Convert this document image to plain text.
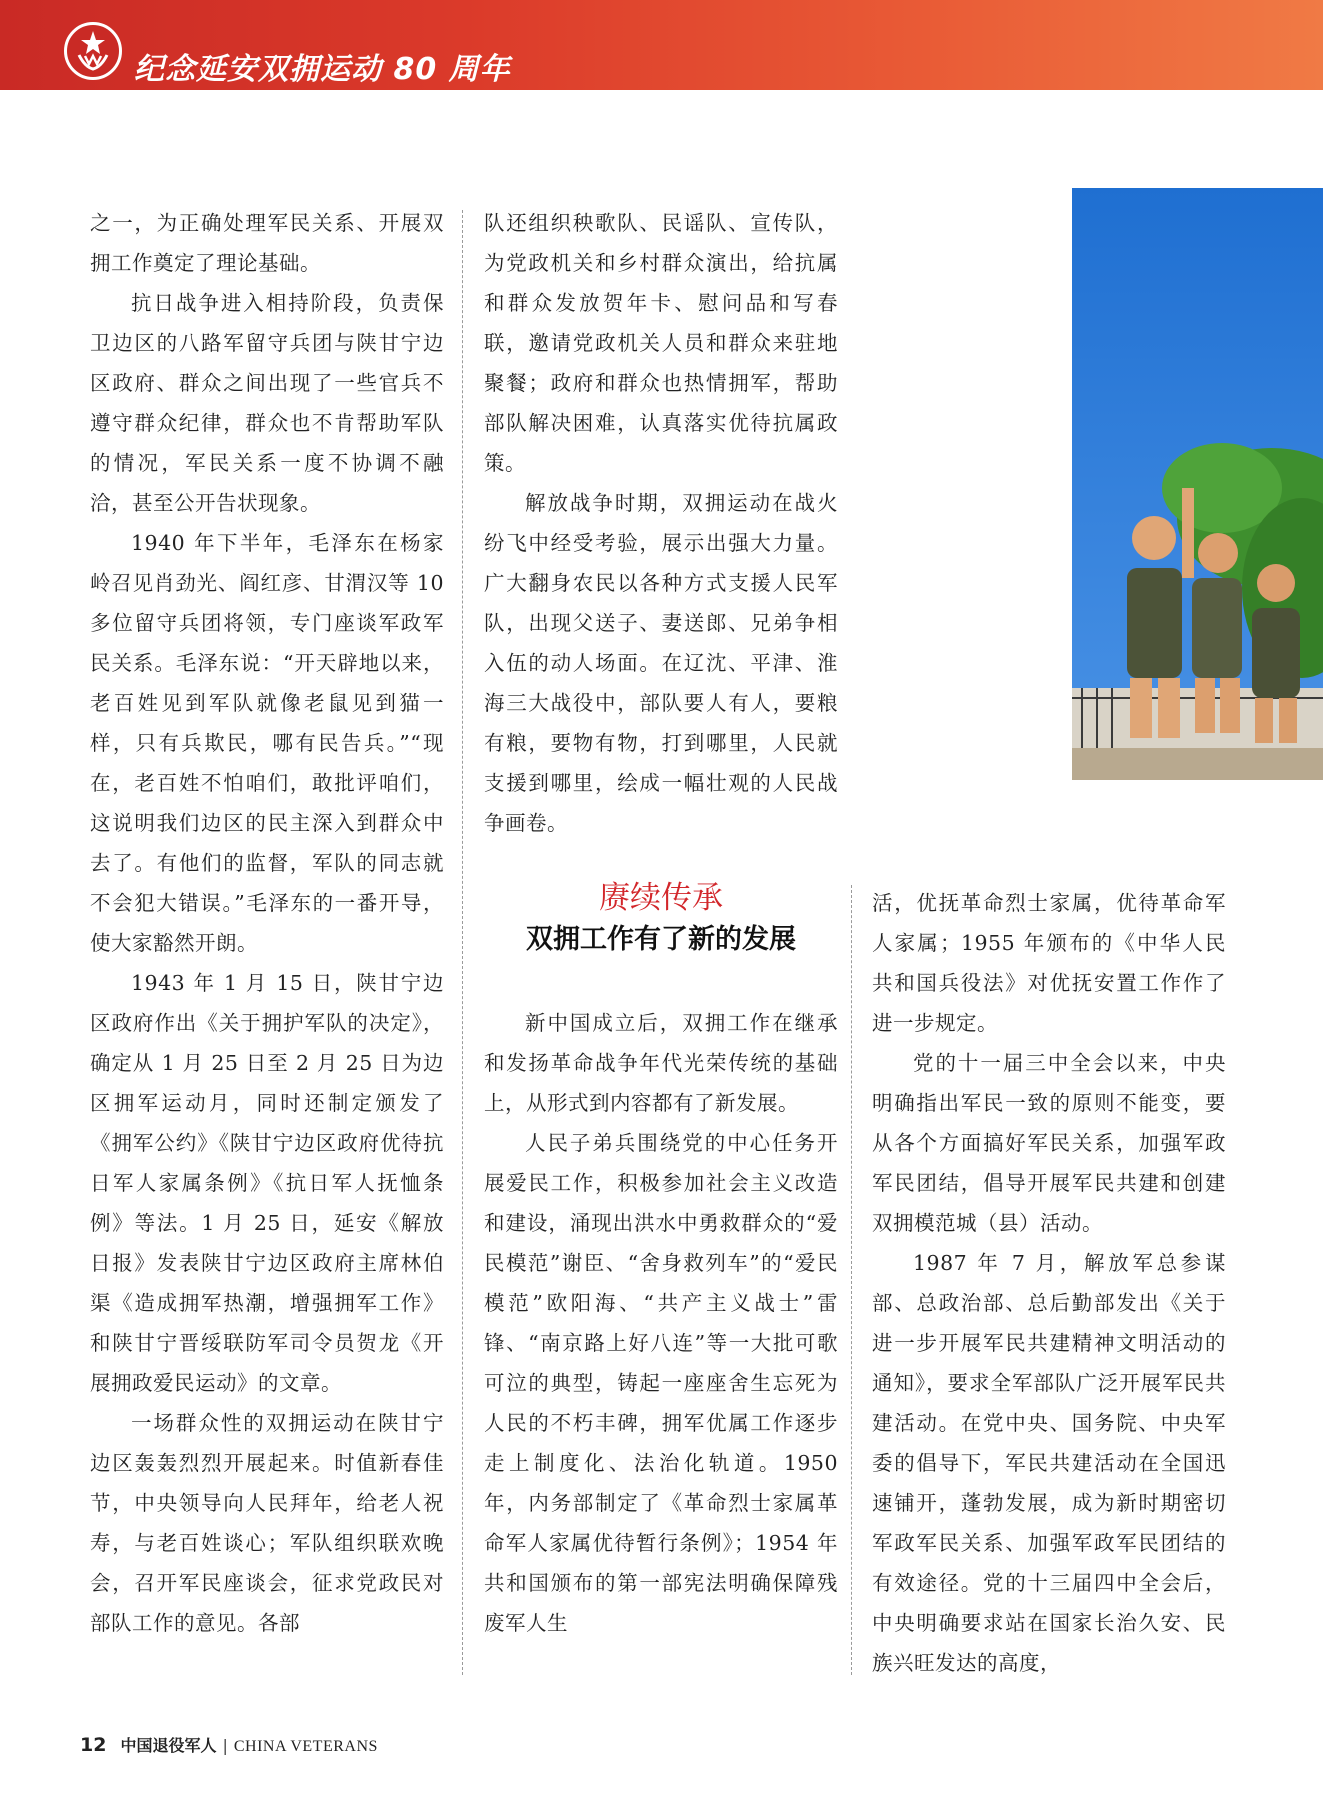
纪念延安双拥运动 80 周年

之一，为正确处理军民关系、开展双拥工作奠定了理论基础。

抗日战争进入相持阶段，负责保卫边区的八路军留守兵团与陕甘宁边区政府、群众之间出现了一些官兵不遵守群众纪律，群众也不肯帮助军队的情况，军民关系一度不协调不融洽，甚至公开告状现象。

1940 年下半年，毛泽东在杨家岭召见肖劲光、阎红彦、甘渭汉等 10 多位留守兵团将领，专门座谈军政军民关系。毛泽东说：“开天辟地以来，老百姓见到军队就像老鼠见到猫一样，只有兵欺民，哪有民告兵。”“现在，老百姓不怕咱们，敢批评咱们，这说明我们边区的民主深入到群众中去了。有他们的监督，军队的同志就不会犯大错误。”毛泽东的一番开导，使大家豁然开朗。

1943 年 1 月 15 日，陕甘宁边区政府作出《关于拥护军队的决定》，确定从 1 月 25 日至 2 月 25 日为边区拥军运动月，同时还制定颁发了《拥军公约》《陕甘宁边区政府优待抗日军人家属条例》《抗日军人抚恤条例》等法。1 月 25 日，延安《解放日报》发表陕甘宁边区政府主席林伯渠《造成拥军热潮，增强拥军工作》和陕甘宁晋绥联防军司令员贺龙《开展拥政爱民运动》的文章。

一场群众性的双拥运动在陕甘宁边区轰轰烈烈开展起来。时值新春佳节，中央领导向人民拜年，给老人祝寿，与老百姓谈心；军队组织联欢晚会，召开军民座谈会，征求党政民对部队工作的意见。各部

队还组织秧歌队、民谣队、宣传队，为党政机关和乡村群众演出，给抗属和群众发放贺年卡、慰问品和写春联，邀请党政机关人员和群众来驻地聚餐；政府和群众也热情拥军，帮助部队解决困难，认真落实优待抗属政策。

解放战争时期，双拥运动在战火纷飞中经受考验，展示出强大力量。广大翻身农民以各种方式支援人民军队，出现父送子、妻送郎、兄弟争相入伍的动人场面。在辽沈、平津、淮海三大战役中，部队要人有人，要粮有粮，要物有物，打到哪里，人民就支援到哪里，绘成一幅壮观的人民战争画卷。

赓续传承
双拥工作有了新的发展

新中国成立后，双拥工作在继承和发扬革命战争年代光荣传统的基础上，从形式到内容都有了新发展。

人民子弟兵围绕党的中心任务开展爱民工作，积极参加社会主义改造和建设，涌现出洪水中勇救群众的“爱民模范”谢臣、“舍身救列车”的“爱民模范”欧阳海、“共产主义战士”雷锋、“南京路上好八连”等一大批可歌可泣的典型，铸起一座座舍生忘死为人民的不朽丰碑，拥军优属工作逐步走上制度化、法治化轨道。1950 年，内务部制定了《革命烈士家属革命军人家属优待暂行条例》；1954 年共和国颁布的第一部宪法明确保障残废军人生

活，优抚革命烈士家属，优待革命军人家属；1955 年颁布的《中华人民共和国兵役法》对优抚安置工作作了进一步规定。

党的十一届三中全会以来，中央明确指出军民一致的原则不能变，要从各个方面搞好军民关系，加强军政军民团结，倡导开展军民共建和创建双拥模范城（县）活动。

1987 年 7 月，解放军总参谋部、总政治部、总后勤部发出《关于进一步开展军民共建精神文明活动的通知》，要求全军部队广泛开展军民共建活动。在党中央、国务院、中央军委的倡导下，军民共建活动在全国迅速铺开，蓬勃发展，成为新时期密切军政军民关系、加强军政军民团结的有效途径。党的十三届四中全会后，中央明确要求站在国家长治久安、民族兴旺发达的高度，

12 中国退役军人 | CHINA VETERANS
